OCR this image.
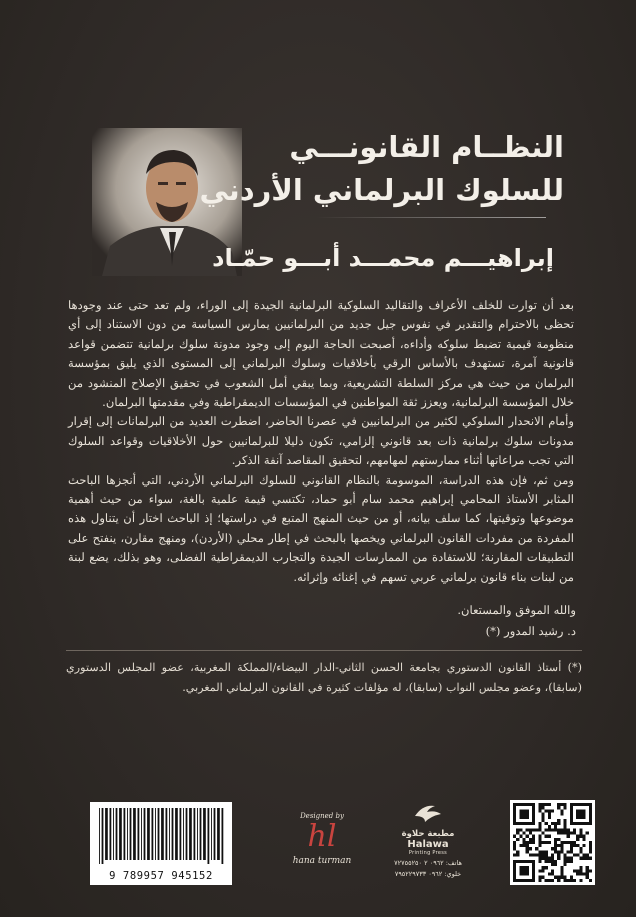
النظــام القانونـــي
للسلوك البرلماني الأردني
إبراهيـــم محمـــد أبـــو حمّـاد

بعد أن توارت للخلف الأعراف والتقاليد السلوكية البرلمانية الجيدة إلى الوراء، ولم تعد حتى عند وجودها تحظى بالاحترام والتقدير في نفوس جيل جديد من البرلمانيين يمارس السياسة من دون الاستناد إلى أي منظومة قيمية تضبط سلوكه وأداءه، أصبحت الحاجة اليوم إلى وجود مدونة سلوك برلمانية تتضمن قواعد قانونية آمرة، تستهدف بالأساس الرقي بأخلاقيات وسلوك البرلماني إلى المستوى الذي يليق بمؤسسة البرلمان من حيث هي مركز السلطة التشريعية، وبما يبقي أمل الشعوب في تحقيق الإصلاح المنشود من خلال المؤسسة البرلمانية، ويعزز ثقة المواطنين في المؤسسات الديمقراطية وفي مقدمتها البرلمان.

وأمام الانحدار السلوكي لكثير من البرلمانيين في عصرنا الحاضر، اضطرت العديد من البرلمانات إلى إقرار مدونات سلوك برلمانية ذات بعد قانوني إلزامي، تكون دليلا للبرلمانيين حول الأخلاقيات وقواعد السلوك التي تجب مراعاتها أثناء ممارستهم لمهامهم، لتحقيق المقاصد آنفة الذكر.

ومن ثم، فإن هذه الدراسة، الموسومة بالنظام القانوني للسلوك البرلماني الأردني، التي أنجزها الباحث المثابر الأستاذ المحامي إبراهيم محمد سام أبو حماد، تكتسي قيمة علمية بالغة، سواء من حيث أهمية موضوعها وتوقيتها، كما سلف بيانه، أو من حيث المنهج المتبع في دراستها؛ إذ الباحث اختار أن يتناول هذه المفردة من مفردات القانون البرلماني ويخصها بالبحث في إطار محلي (الأردن)، ومنهج مقارن، ينفتح على التطبيقات المقارنة؛ للاستفادة من الممارسات الجيدة والتجارب الديمقراطية الفضلى، وهو بذلك، يضع لبنة من لبنات بناء قانون برلماني عربي تسهم في إغنائه وإثرائه.

والله الموفق والمستعان.
د. رشيد المدور (*)
(*) أستاذ القانون الدستوري بجامعة الحسن الثاني-الدار البيضاء/المملكة المغربية، عضو المجلس الدستوري (سابقا)، وعضو مجلس النواب (سابقا)، له مؤلفات كثيرة في القانون البرلماني المغربي.
9 789957 945152
Designed by
hl
hana turman
مطبعة حلاوة
Halawa
Printing Press
هاتف: ٠٩٦٢ ٢ ٧٢٧٥٥٢٥٠
خلوي: ٠٩٦٢ ٧٩٥٢٢٩٧٣٣
